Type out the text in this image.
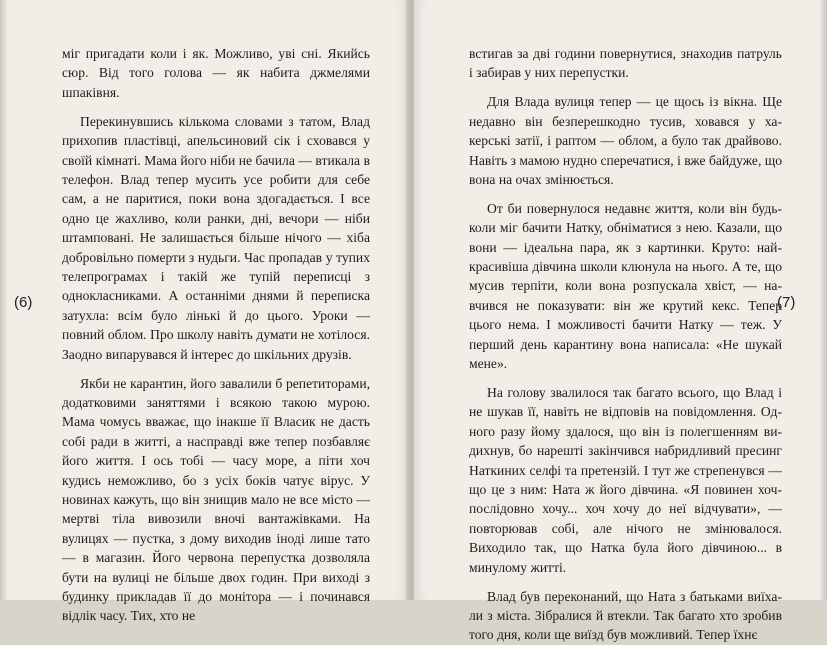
міг пригадати коли і як. Можливо, уві сні. Якийсь сюр. Від того голова — як набита джмелями шпаківня.

Перекинувшись кількома словами з татом, Влад прихопив пластівці, апельсиновий сік і сховався у своїй кімнаті. Мама його ніби не бачила — втикала в телефон. Влад тепер мусить усе робити для себе сам, а не паритися, поки вона здогадається. І все одно це жахливо, коли ранки, дні, вечори — ніби штамповані. Не залишається більше нічого — хіба добровільно померти з нудьги. Час пропадав у тупих телепрограмах і такій же тупій переписці з однокласниками. А останніми днями й переписка затухла: всім було лінькі й до цього. Уроки — повний облом. Про школу навіть думати не хотілося. Заодно випарувався й інтерес до шкільних друзів.

Якби не карантин, його завалили б репетиторами, додатковими заняттями і всякою такою мурою. Мама чомусь вважає, що інакше її Власик не дасть собі ради в житті, а насправді вже тепер позбавляє його життя. І ось тобі — часу море, а піти хоч кудись неможливо, бо з усіх боків чатує вірус. У новинах кажуть, що він знищив мало не все місто — мертві тіла вивозили вночі вантажівками. На вулицях — пустка, з дому виходив іноді лише тато — в магазин. Його червона перепустка дозволяла бути на вулиці не більше двох годин. При виході з будинку прикладав її до монітора — і починався відлік часу. Тих, хто не

(6)

встигав за дві години повернутися, знаходив патруль і забирав у них перепустки.

Для Влада вулиця тепер — це щось із вікна. Ще недавно він безперешкодно тусив, ховався у хакерські затії, і раптом — облом, а було так драйвово. Навіть з мамою нудно сперечатися, і вже байдуже, що вона на очах змінюється.

От би повернулося недавнє життя, коли він будь-коли міг бачити Натку, обніматися з нею. Казали, що вони — ідеальна пара, як з картинки. Круто: найкрасивіша дівчина школи клюнула на нього. А те, що мусив терпіти, коли вона розпускала хвіст, — навчився не показувати: він же крутий кекс. Тепер цього нема. І можливості бачити Натку — теж. У перший день карантину вона написала: «Не шукай мене».

На голову звалилося так багато всього, що Влад і не шукав її, навіть не відповів на повідомлення. Одного разу йому здалося, що він із полегшенням видихнув, бо нарешті закінчився набридливий пресинг Наткиних селфі та претензій. І тут же стрепенувся — що це з ним: Ната ж його дівчина. «Я повинен хоч послідовно хочу... хоч хочу до неї відчувати», — повторював собі, але нічого не змінювалося. Виходило так, що Натка була його дівчиною... в минулому житті.

Влад був переконаний, що Ната з батьками виїхали з міста. Зібралися й втекли. Так багато хто зробив того дня, коли ще виїзд був можливий. Тепер їхнє

(7)
